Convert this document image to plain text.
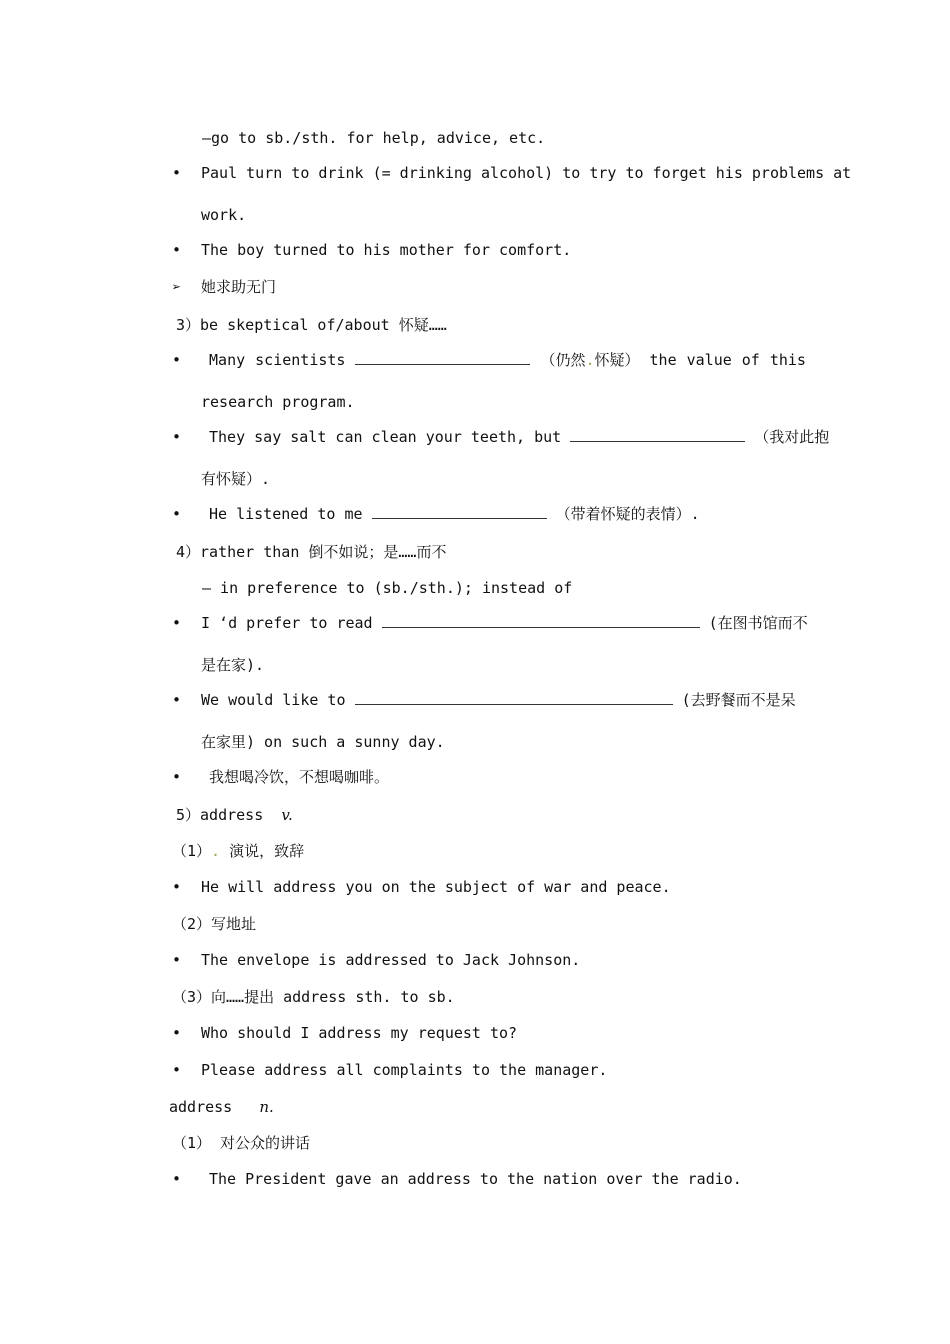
—go to sb./sth. for help, advice, etc.
• Paul turn to drink (= drinking alcohol) to try to forget his problems at
work.
• The boy turned to his mother for comfort.
➢ 她求助无门
3）be skeptical of/about 怀疑……
•	Many scientists	（仍然.怀疑） the value of this
research program.
• They say salt can clean your teeth, but	（我对此抱
有怀疑）.
• He listened to me	（带着怀疑的表情）.
4）rather than 倒不如说；是……而不
— in preference to (sb./sth.); instead of
• I ‘d prefer to read	(在图书馆而不
是在家).
• We would like to	(去野餐而不是呆
在家里) on such a sunny day.
• 我想喝冷饮，不想喝咖啡。
5）address v.
（1）. 演说，致辞
• He will address you on the subject of war and peace.
（2）写地址
• The envelope is addressed to Jack Johnson.
（3）向……提出 address sth. to sb.
• Who should I address my request to?
• Please address all complaints to the manager.
address n.
（1） 对公众的讲话
• The President gave an address to the nation over the radio.
